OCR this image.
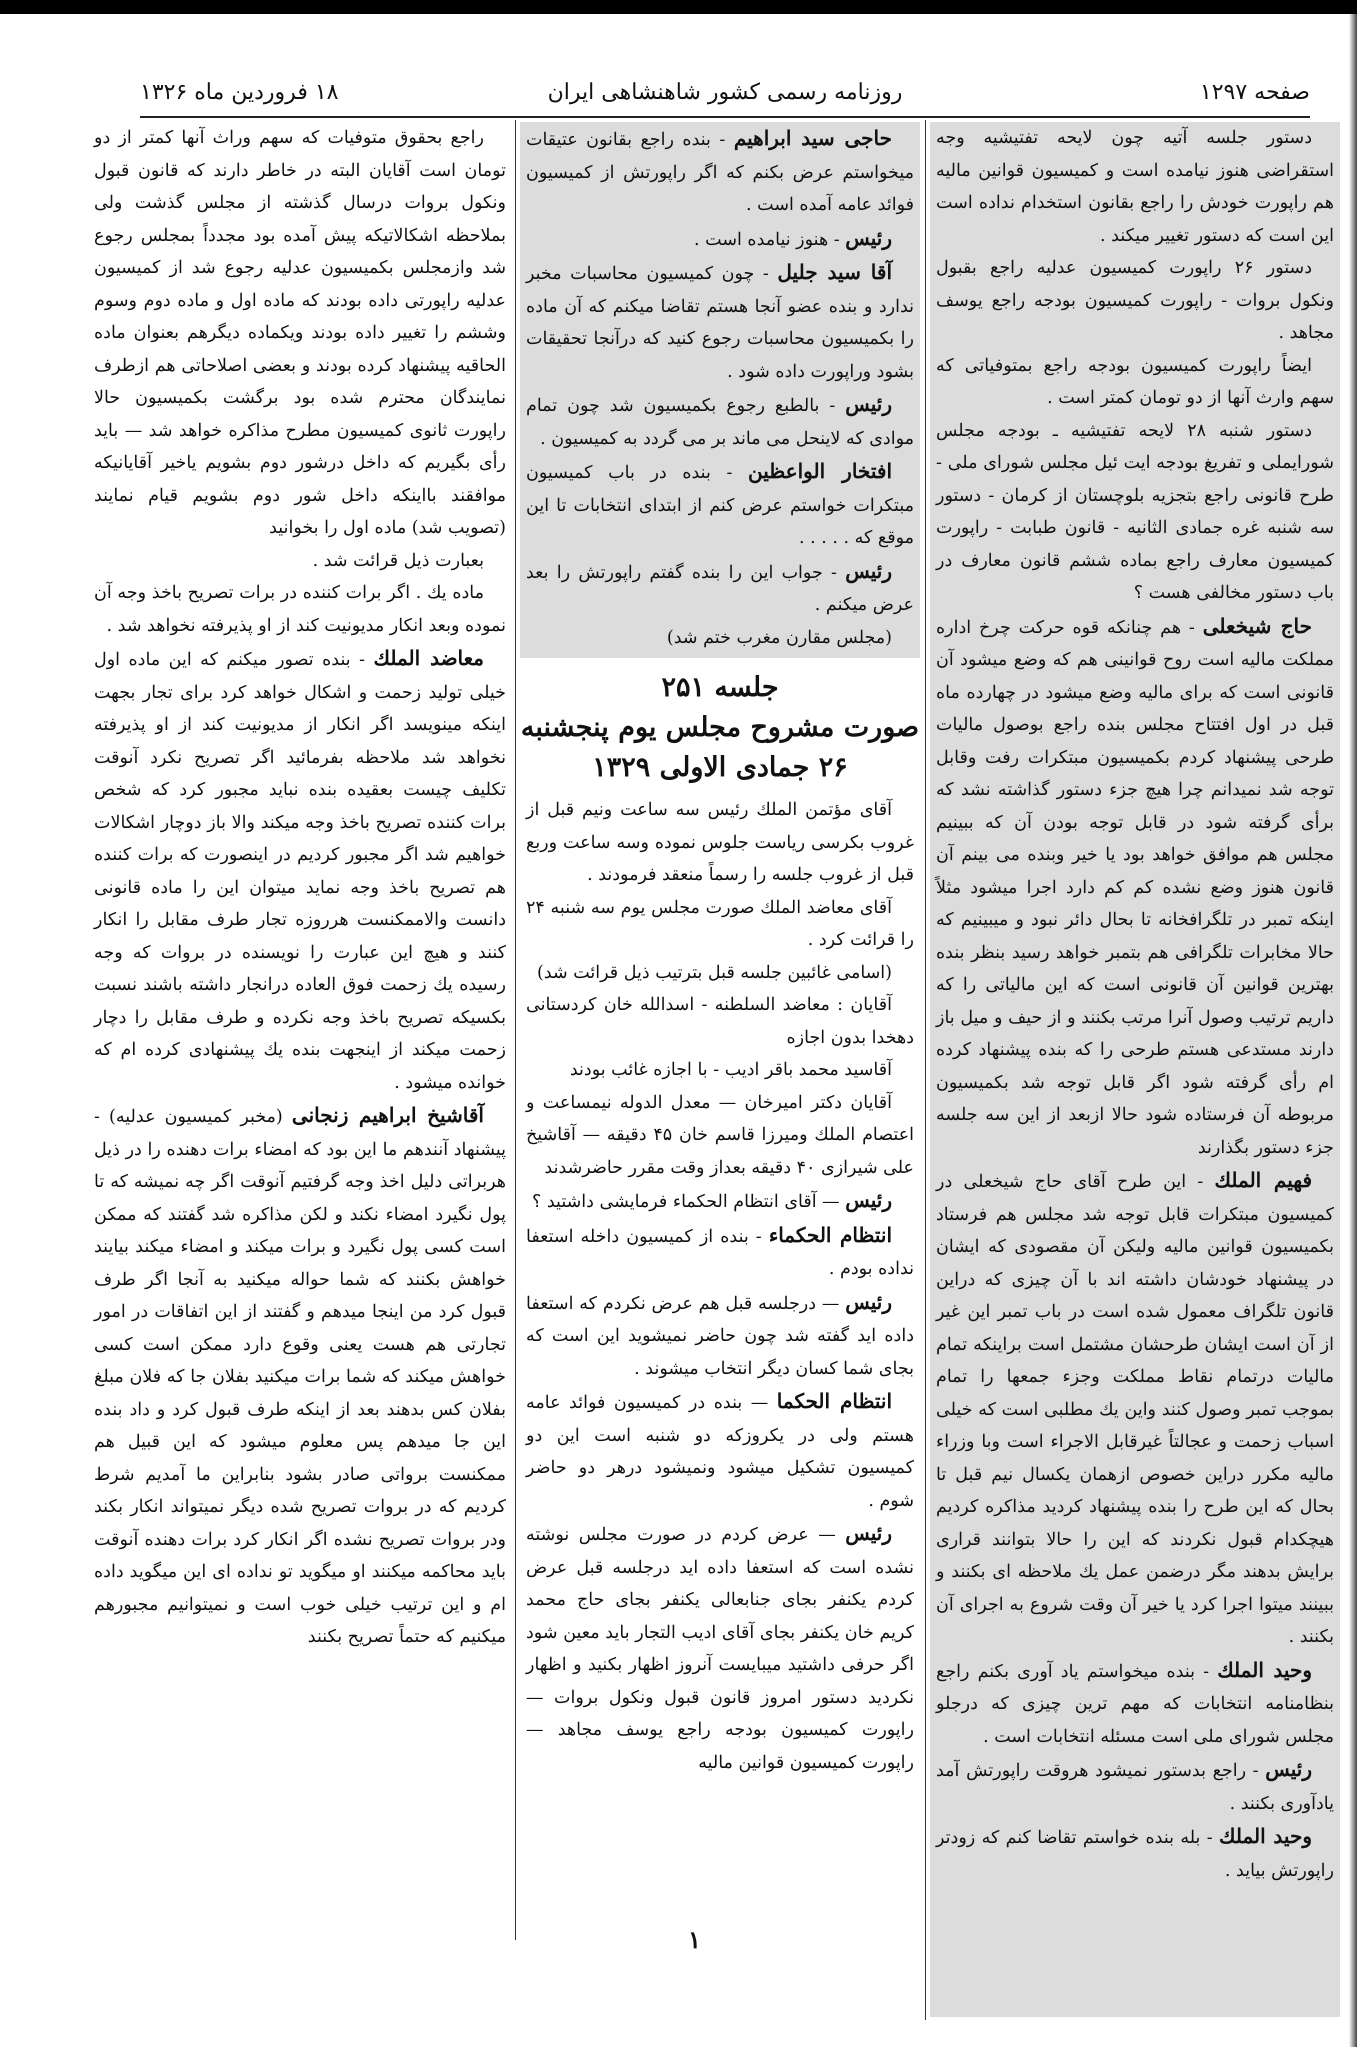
صفحه ۱۲۹۷
روزنامه رسمی کشور شاهنشاهی ایران
۱۸ فروردین ماه ۱۳۲۶

دستور جلسه آتیه چون لایحه تفتیشیه وجه استقراضی هنوز نیامده است و کمیسیون قوانین مالیه هم راپورت خودش را راجع بقانون استخدام نداده است این است که دستور تغییر میکند .

دستور ۲۶ راپورت کمیسیون عدلیه راجع بقبول ونکول بروات - راپورت کمیسیون بودجه راجع یوسف مجاهد .

ایضاً راپورت کمیسیون بودجه راجع بمتوفیاتی که سهم وارث آنها از دو تومان کمتر است .

دستور شنبه ۲۸ لایحه تفتیشیه ـ بودجه مجلس شورایملی و تفریغ بودجه ایت ئیل مجلس شورای ملی - طرح قانونی راجع بتجزیه بلوچستان از کرمان - دستور سه شنبه غره جمادی الثانیه - قانون طبابت - راپورت کمیسیون معارف راجع بماده ششم قانون معارف در باب دستور مخالفی هست ؟

حاج شیخعلی - هم چنانکه قوه حرکت چرخ اداره مملکت مالیه است روح قوانینی هم که وضع میشود آن قانونی است که برای مالیه وضع میشود در چهارده ماه قبل در اول افتتاح مجلس بنده راجع بوصول مالیات طرحی پیشنهاد کردم بکمیسیون مبتکرات رفت وقابل توجه شد نمیدانم چرا هیچ جزء دستور گذاشته نشد که برأی گرفته شود در قابل توجه بودن آن که ببینیم مجلس هم موافق خواهد بود یا خیر وبنده می بینم آن قانون هنوز وضع نشده کم کم دارد اجرا میشود مثلاً اینکه تمبر در تلگرافخانه تا بحال دائر نبود و میبینیم که حالا مخابرات تلگرافی هم بتمبر خواهد رسید بنظر بنده بهترین قوانین آن قانونی است که این مالیاتی را که داریم ترتیب وصول آنرا مرتب بکنند و از حیف و میل باز دارند مستدعی هستم طرحی را که بنده پیشنهاد کرده ام رأی گرفته شود اگر قابل توجه شد بکمیسیون مربوطه آن فرستاده شود حالا ازبعد از این سه جلسه جزء دستور بگذارند

فهیم الملك - این طرح آقای حاج شیخعلی در کمیسیون مبتکرات قابل توجه شد مجلس هم فرستاد بکمیسیون قوانین مالیه ولیکن آن مقصودی که ایشان در پیشنهاد خودشان داشته اند با آن چیزی که دراین قانون تلگراف معمول شده است در باب تمبر این غیر از آن است ایشان طرحشان مشتمل است براینکه تمام مالیات درتمام نقاط مملکت وجزء جمعها را تمام بموجب تمبر وصول کنند واین یك مطلبی است که خیلی اسباب زحمت و عجالتاً غیرقابل الاجراء است وبا وزراء مالیه مکرر دراین خصوص ازهمان یکسال نیم قبل تا بحال که این طرح را بنده پیشنهاد کردید مذاکره کردیم هیچکدام قبول نکردند که این را حالا بتوانند قراری برایش بدهند مگر درضمن عمل یك ملاحظه ای بکنند و ببینند میتوا اجرا کرد یا خیر آن وقت شروع به اجرای آن بکنند .

وحید الملك - بنده میخواستم یاد آوری بکنم راجع بنظامنامه انتخابات که مهم ترین چیزی که درجلو مجلس شورای ملی است مسئله انتخابات است .

رئیس - راجع بدستور نمیشود هروقت راپورتش آمد یادآوری بکنند .

وحید الملك - بله بنده خواستم تقاضا کنم که زودتر راپورتش بیاید .

حاجی سید ابراهیم - بنده راجع بقانون عتیقات میخواستم عرض بکنم که اگر راپورتش از کمیسیون فوائد عامه آمده است .

رئیس - هنوز نیامده است .

آقا سید جلیل - چون کمیسیون محاسبات مخبر ندارد و بنده عضو آنجا هستم تقاضا میکنم که آن ماده را بکمیسیون محاسبات رجوع کنید که درآنجا تحقیقات بشود وراپورت داده شود .

رئیس - بالطبع رجوع بکمیسیون شد چون تمام موادی که لاینحل می ماند بر می گردد به کمیسیون .

افتخار الواعظین - بنده در باب کمیسیون مبتکرات خواستم عرض کنم از ابتدای انتخابات تا این موقع که . . . . .

رئیس - جواب این را بنده گفتم راپورتش را بعد عرض میکنم .

(مجلس مقارن مغرب ختم شد)

جلسه ۲۵۱
صورت مشروح مجلس یوم پنجشنبه
۲۶ جمادی الاولی ۱۳۲۹

آقای مؤتمن الملك رئیس سه ساعت ونیم قبل از غروب بکرسی ریاست جلوس نموده وسه ساعت وربع قبل از غروب جلسه را رسماً منعقد فرمودند .

آقای معاضد الملك صورت مجلس یوم سه شنبه ۲۴ را قرائت کرد .

(اسامی غائبین جلسه قبل بترتیب ذیل قرائت شد)

آقایان : معاضد السلطنه - اسدالله خان کردستانی دهخدا بدون اجازه

آقاسید محمد باقر ادیب - با اجازه غائب بودند

آقایان دکتر امیرخان — معدل الدوله نیمساعت و اعتصام الملك ومیرزا قاسم خان ۴۵ دقیقه — آقاشیخ علی شیرازی ۴۰ دقیقه بعداز وقت مقرر حاضرشدند

رئیس — آقای انتظام الحکماء فرمایشی داشتید ؟

انتظام الحکماء - بنده از کمیسیون داخله استعفا نداده بودم .

رئیس — درجلسه قبل هم عرض نکردم که استعفا داده اید گفته شد چون حاضر نمیشوید این است که بجای شما کسان دیگر انتخاب میشوند .

انتظام الحکما — بنده در کمیسیون فوائد عامه هستم ولی در یکروزکه دو شنبه است این دو کمیسیون تشکیل میشود ونمیشود درهر دو حاضر شوم .

رئیس — عرض کردم در صورت مجلس نوشته نشده است که استعفا داده اید درجلسه قبل عرض کردم یکنفر بجای جنابعالی یکنفر بجای حاج محمد کریم خان یکنفر بجای آقای ادیب التجار باید معین شود اگر حرفی داشتید میبایست آنروز اظهار بکنید و اظهار نکردید دستور امروز قانون قبول ونکول بروات — راپورت کمیسیون بودجه راجع یوسف مجاهد — راپورت کمیسیون قوانین مالیه

راجع بحقوق متوفیات که سهم وراث آنها کمتر از دو تومان است آقایان البته در خاطر دارند که قانون قبول ونکول بروات درسال گذشته از مجلس گذشت ولی بملاحظه اشکالاتیکه پیش آمده بود مجدداً بمجلس رجوع شد وازمجلس بکمیسیون عدلیه رجوع شد از کمیسیون عدلیه راپورتی داده بودند که ماده اول و ماده دوم وسوم وششم را تغییر داده بودند ویکماده دیگرهم بعنوان ماده الحاقیه پیشنهاد کرده بودند و بعضی اصلاحاتی هم ازطرف نمایندگان محترم شده بود برگشت بکمیسیون حالا راپورت ثانوی کمیسیون مطرح مذاکره خواهد شد — باید رأی بگیریم که داخل درشور دوم بشویم یاخیر آقایانیکه موافقند بااینکه داخل شور دوم بشویم قیام نمایند (تصویب شد) ماده اول را بخوانید

بعبارت ذیل قرائت شد .

ماده یك . اگر برات کننده در برات تصریح باخذ وجه آن نموده وبعد انکار مدیونیت کند از او پذیرفته نخواهد شد .

معاضد الملك - بنده تصور میکنم که این ماده اول خیلی تولید زحمت و اشکال خواهد کرد برای تجار بجهت اینکه مینویسد اگر انکار از مدیونیت کند از او پذیرفته نخواهد شد ملاحظه بفرمائید اگر تصریح نکرد آنوقت تکلیف چیست بعقیده بنده نباید مجبور کرد که شخص برات کننده تصریح باخذ وجه میکند والا باز دوچار اشکالات خواهیم شد اگر مجبور کردیم در اینصورت که برات کننده هم تصریح باخذ وجه نماید میتوان این را ماده قانونی دانست والاممکنست هرروزه تجار طرف مقابل را انکار کنند و هیچ این عبارت را نویسنده در بروات که وجه رسیده یك زحمت فوق العاده درانجار داشته باشند نسبت بکسیکه تصریح باخذ وجه نکرده و طرف مقابل را دچار زحمت میکند از اینجهت بنده یك پیشنهادی کرده ام که خوانده میشود .

آقاشیخ ابراهیم زنجانی (مخبر کمیسیون عدلیه) - پیشنهاد آنندهم ما این بود که امضاء برات دهنده را در ذیل هربراتی دلیل اخذ وجه گرفتیم آنوقت اگر چه نمیشه که تا پول نگیرد امضاء نکند و لکن مذاکره شد گفتند که ممکن است کسی پول نگیرد و برات میکند و امضاء میکند بیایند خواهش بکنند که شما حواله میکنید به آنجا اگر طرف قبول کرد من اینجا میدهم و گفتند از این اتفاقات در امور تجارتی هم هست یعنی وقوع دارد ممکن است کسی خواهش میکند که شما برات میکنید بفلان جا که فلان مبلغ بفلان کس بدهند بعد از اینکه طرف قبول کرد و داد بنده این جا میدهم پس معلوم میشود که این قبیل هم ممکنست برواتی صادر بشود بنابراین ما آمدیم شرط کردیم که در بروات تصریح شده دیگر نمیتواند انکار بکند ودر بروات تصریح نشده اگر انکار کرد برات دهنده آنوقت باید محاکمه میکنند او میگوید تو نداده ای این میگوید داده ام و این ترتیب خیلی خوب است و نمیتوانیم مجبورهم میکنیم که حتماً تصریح بکنند

۱
